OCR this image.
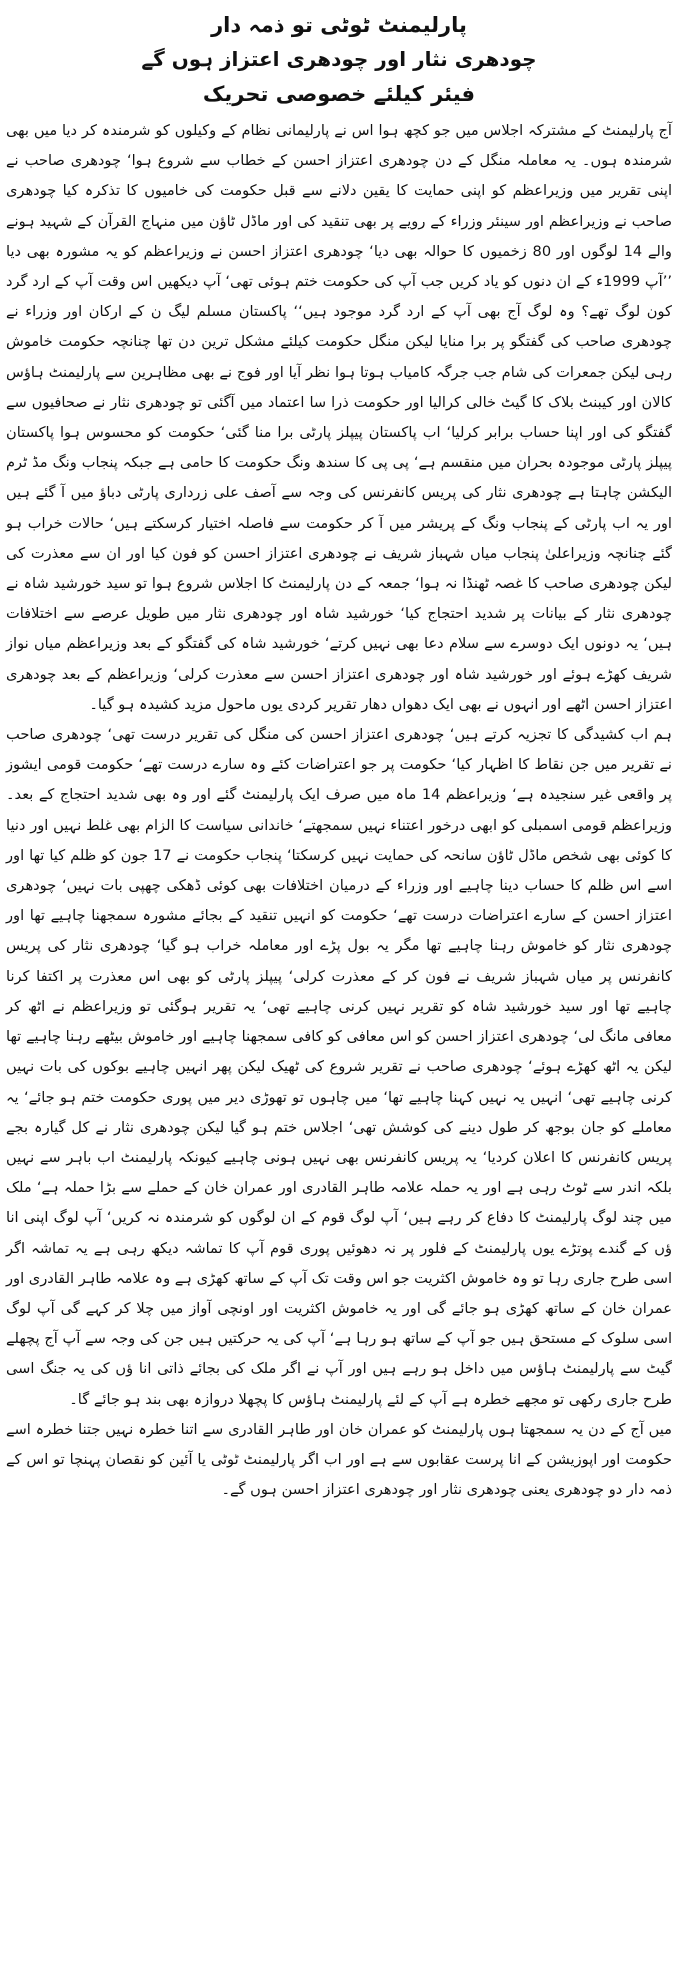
پارلیمنٹ ٹوٹی تو ذمہ دار

چودھری نثار اور چودھری اعتزاز ہوں گے

فیئر کیلئے خصوصی تحریک

آج پارلیمنٹ کے مشترکہ اجلاس میں جو کچھ ہوا اس نے پارلیمانی نظام کے وکیلوں کو شرمندہ کر دیا میں بھی شرمندہ ہوں۔ یہ معاملہ منگل کے دن چودھری اعتزاز احسن کے خطاب سے شروع ہوا‘ چودھری صاحب نے اپنی تقریر میں وزیراعظم کو اپنی حمایت کا یقین دلانے سے قبل حکومت کی خامیوں کا تذکرہ کیا چودھری صاحب نے وزیراعظم اور سینئر وزراء کے رویے پر بھی تنقید کی اور ماڈل ٹاؤن میں منہاج القرآن کے شہید ہونے والے 14 لوگوں اور 80 زخمیوں کا حوالہ بھی دیا‘ چودھری اعتزاز احسن نے وزیراعظم کو یہ مشورہ بھی دیا ’’آپ 1999ء کے ان دنوں کو یاد کریں جب آپ کی حکومت ختم ہوئی تھی‘ آپ دیکھیں اس وقت آپ کے ارد گرد کون لوگ تھے؟ وہ لوگ آج بھی آپ کے ارد گرد موجود ہیں‘‘ پاکستان مسلم لیگ ن کے ارکان اور وزراء نے چودھری صاحب کی گفتگو پر برا منایا لیکن منگل حکومت کیلئے مشکل ترین دن تھا چنانچہ حکومت خاموش رہی لیکن جمعرات کی شام جب جرگہ کامیاب ہوتا ہوا نظر آیا اور فوج نے بھی مظاہرین سے پارلیمنٹ ہاؤس کالان اور کیبنٹ بلاک کا گیٹ خالی کرالیا اور حکومت ذرا سا اعتماد میں آگئی تو چودھری نثار نے صحافیوں سے گفتگو کی اور اپنا حساب برابر کرلیا‘ اب پاکستان پیپلز پارٹی برا منا گئی‘ حکومت کو محسوس ہوا پاکستان پیپلز پارٹی موجودہ بحران میں منقسم ہے‘ پی پی کا سندھ ونگ حکومت کا حامی ہے جبکہ پنجاب ونگ مڈ ٹرم الیکشن چاہتا ہے چودھری نثار کی پریس کانفرنس کی وجہ سے آصف علی زرداری پارٹی دباؤ میں آ گئے ہیں اور یہ اب پارٹی کے پنجاب ونگ کے پریشر میں آ کر حکومت سے فاصلہ اختیار کرسکتے ہیں‘ حالات خراب ہو گئے چنانچہ وزیراعلیٰ پنجاب میاں شہباز شریف نے چودھری اعتزاز احسن کو فون کیا اور ان سے معذرت کی لیکن چودھری صاحب کا غصہ ٹھنڈا نہ ہوا‘ جمعہ کے دن پارلیمنٹ کا اجلاس شروع ہوا تو سید خورشید شاہ نے چودھری نثار کے بیانات پر شدید احتجاج کیا‘ خورشید شاہ اور چودھری نثار میں طویل عرصے سے اختلافات ہیں‘ یہ دونوں ایک دوسرے سے سلام دعا بھی نہیں کرتے‘ خورشید شاہ کی گفتگو کے بعد وزیراعظم میاں نواز شریف کھڑے ہوئے اور خورشید شاہ اور چودھری اعتزاز احسن سے معذرت کرلی‘ وزیراعظم کے بعد چودھری اعتزاز احسن اٹھے اور انہوں نے بھی ایک دھواں دھار تقریر کردی یوں ماحول مزید کشیدہ ہو گیا۔

ہم اب کشیدگی کا تجزیہ کرتے ہیں‘ چودھری اعتزاز احسن کی منگل کی تقریر درست تھی‘ چودھری صاحب نے تقریر میں جن نقاط کا اظہار کیا‘ حکومت پر جو اعتراضات کئے وہ سارے درست تھے‘ حکومت قومی ایشوز پر واقعی غیر سنجیدہ ہے‘ وزیراعظم 14 ماہ میں صرف ایک پارلیمنٹ گئے اور وہ بھی شدید احتجاج کے بعد۔ وزیراعظم قومی اسمبلی کو ابھی درخور اعتناء نہیں سمجھتے‘ خاندانی سیاست کا الزام بھی غلط نہیں اور دنیا کا کوئی بھی شخص ماڈل ٹاؤن سانحہ کی حمایت نہیں کرسکتا‘ پنجاب حکومت نے 17 جون کو ظلم کیا تھا اور اسے اس ظلم کا حساب دینا چاہیے اور وزراء کے درمیان اختلافات بھی کوئی ڈھکی چھپی بات نہیں‘ چودھری اعتزاز احسن کے سارے اعتراضات درست تھے‘ حکومت کو انہیں تنقید کے بجائے مشورہ سمجھنا چاہیے تھا اور چودھری نثار کو خاموش رہنا چاہیے تھا مگر یہ بول پڑے اور معاملہ خراب ہو گیا‘ چودھری نثار کی پریس کانفرنس پر میاں شہباز شریف نے فون کر کے معذرت کرلی‘ پیپلز پارٹی کو بھی اس معذرت پر اکتفا کرنا چاہیے تھا اور سید خورشید شاہ کو تقریر نہیں کرنی چاہیے تھی‘ یہ تقریر ہوگئی تو وزیراعظم نے اٹھ کر معافی مانگ لی‘ چودھری اعتزاز احسن کو اس معافی کو کافی سمجھنا چاہیے اور خاموش بیٹھے رہنا چاہیے تھا لیکن یہ اٹھ کھڑے ہوئے‘ چودھری صاحب نے تقریر شروع کی ٹھیک لیکن پھر انہیں چاہیے بوکوں کی بات نہیں کرنی چاہیے تھی‘ انہیں یہ نہیں کہنا چاہیے تھا‘ میں چاہوں تو تھوڑی دیر میں پوری حکومت ختم ہو جائے‘ یہ معاملے کو جان بوجھ کر طول دینے کی کوشش تھی‘ اجلاس ختم ہو گیا لیکن چودھری نثار نے کل گیارہ بجے پریس کانفرنس کا اعلان کردیا‘ یہ پریس کانفرنس بھی نہیں ہونی چاہیے کیونکہ پارلیمنٹ اب باہر سے نہیں بلکہ اندر سے ٹوٹ رہی ہے اور یہ حملہ علامہ طاہر القادری اور عمران خان کے حملے سے بڑا حملہ ہے‘ ملک میں چند لوگ پارلیمنٹ کا دفاع کر رہے ہیں‘ آپ لوگ قوم کے ان لوگوں کو شرمندہ نہ کریں‘ آپ لوگ اپنی انا ؤں کے گندے پوتڑے یوں پارلیمنٹ کے فلور پر نہ دھوئیں پوری قوم آپ کا تماشہ دیکھ رہی ہے یہ تماشہ اگر اسی طرح جاری رہا تو وہ خاموش اکثریت جو اس وقت تک آپ کے ساتھ کھڑی ہے وہ علامہ طاہر القادری اور عمران خان کے ساتھ کھڑی ہو جائے گی اور یہ خاموش اکثریت اور اونچی آواز میں چلا کر کہے گی آپ لوگ اسی سلوک کے مستحق ہیں جو آپ کے ساتھ ہو رہا ہے‘ آپ کی یہ حرکتیں ہیں جن کی وجہ سے آپ آج پچھلے گیٹ سے پارلیمنٹ ہاؤس میں داخل ہو رہے ہیں اور آپ نے اگر ملک کی بجائے ذاتی انا ؤں کی یہ جنگ اسی طرح جاری رکھی تو مجھے خطرہ ہے آپ کے لئے پارلیمنٹ ہاؤس کا پچھلا دروازہ بھی بند ہو جائے گا۔

میں آج کے دن یہ سمجھتا ہوں پارلیمنٹ کو عمران خان اور طاہر القادری سے اتنا خطرہ نہیں جتنا خطرہ اسے حکومت اور اپوزیشن کے انا پرست عقابوں سے ہے اور اب اگر پارلیمنٹ ٹوٹی یا آئین کو نقصان پہنچا تو اس کے ذمہ دار دو چودھری یعنی چودھری نثار اور چودھری اعتزاز احسن ہوں گے۔
